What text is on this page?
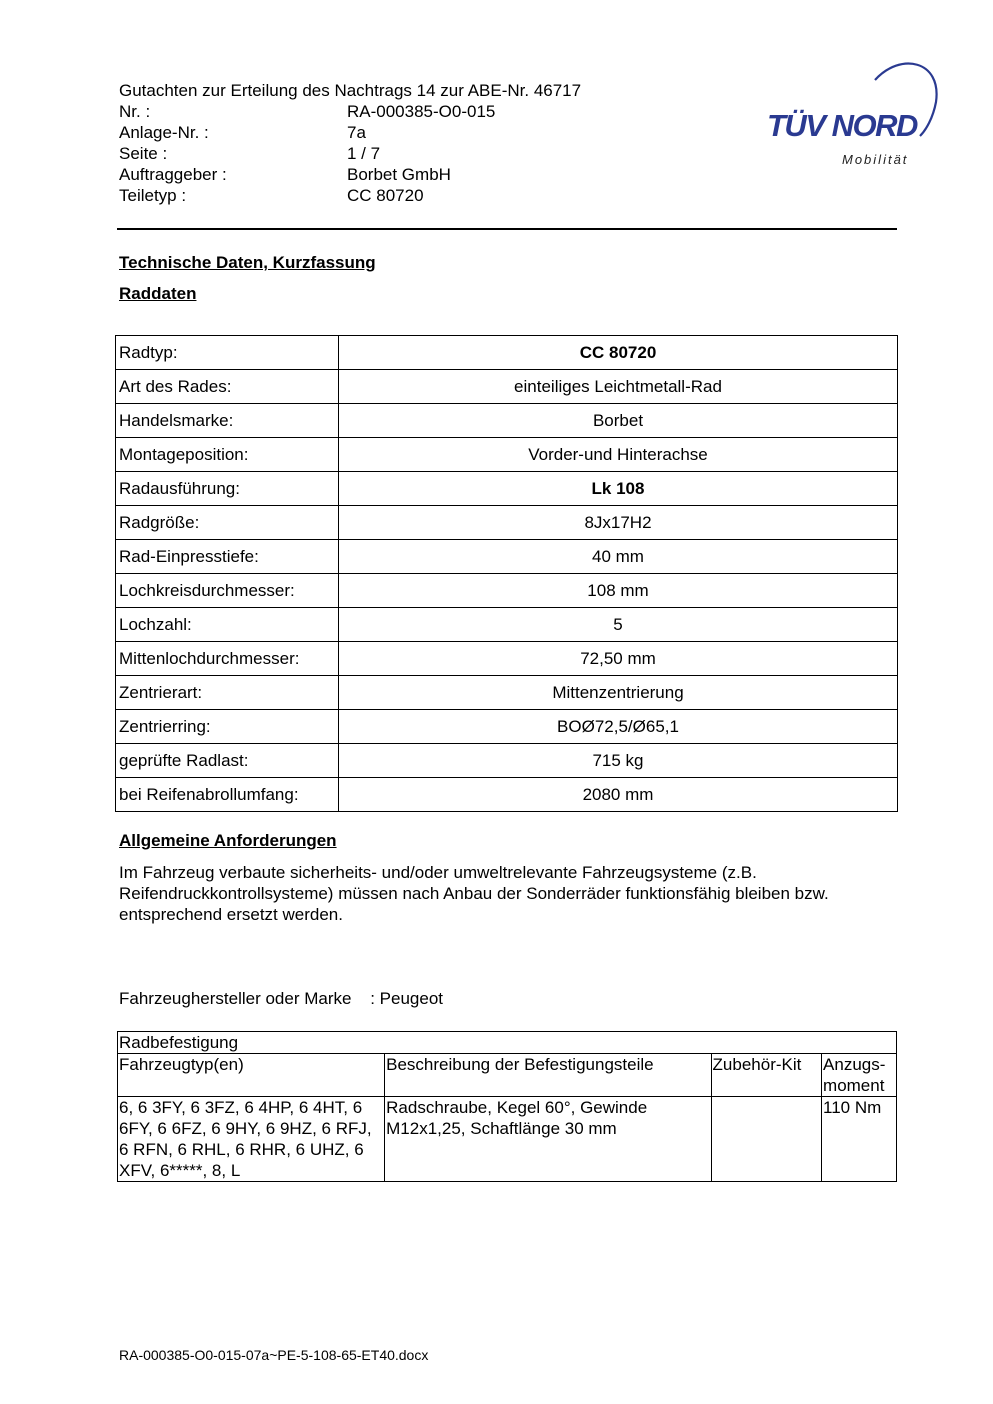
Gutachten zur Erteilung des Nachtrags 14 zur ABE-Nr. 46717
Nr. :	RA-000385-O0-015
Anlage-Nr. :	7a
Seite :	1 / 7
Auftraggeber :	Borbet GmbH
Teiletyp :	CC 80720
TÜV NORD
Mobilität
Technische Daten, Kurzfassung
Raddaten
Radtyp:	CC 80720
Art des Rades:	einteiliges Leichtmetall-Rad
Handelsmarke:	Borbet
Montageposition:	Vorder-und Hinterachse
Radausführung:	Lk 108
Radgröße:	8Jx17H2
Rad-Einpresstiefe:	40 mm
Lochkreisdurchmesser:	108 mm
Lochzahl:	5
Mittenlochdurchmesser:	72,50 mm
Zentrierart:	Mittenzentrierung
Zentrierring:	BOØ72,5/Ø65,1
geprüfte Radlast:	715 kg
bei Reifenabrollumfang:	2080 mm
Allgemeine Anforderungen
Im Fahrzeug verbaute sicherheits- und/oder umweltrelevante Fahrzeugsysteme (z.B. Reifendruckkontrollsysteme) müssen nach Anbau der Sonderräder funktionsfähig bleiben bzw. entsprechend ersetzt werden.
Fahrzeughersteller oder Marke : Peugeot
Radbefestigung			
Fahrzeugtyp(en)	Beschreibung der Befestigungsteile	Zubehör-Kit	Anzugs-moment

6, 6 3FY, 6 3FZ, 6 4HP, 6 4HT, 6 6FY, 6 6FZ, 6 9HY, 6 9HZ, 6 RFJ, 6 RFN, 6 RHL, 6 RHR, 6 UHZ, 6 XFV, 6*****, 8, L	Radschraube, Kegel 60°, Gewinde M12x1,25, Schaftlänge 30 mm		110 Nm
RA-000385-O0-015-07a~PE-5-108-65-ET40.docx
